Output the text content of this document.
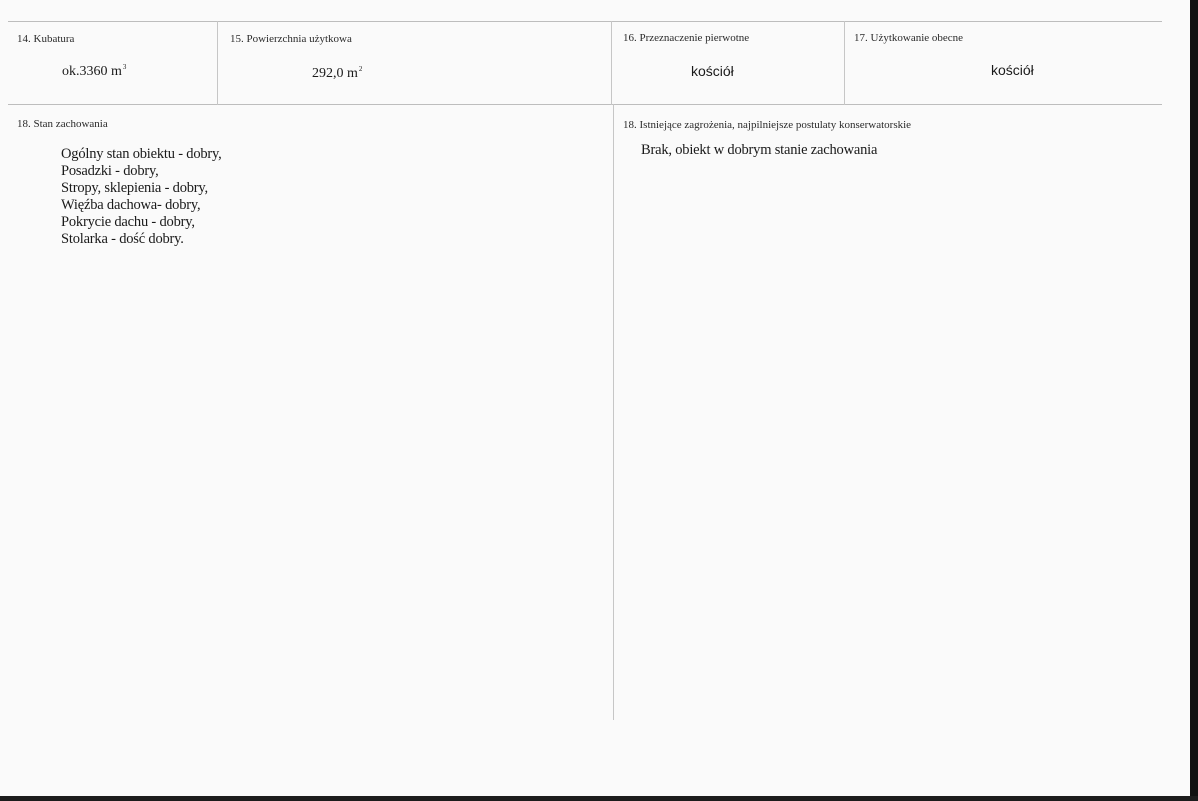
14. Kubatura
ok.3360 $m^3$
15. Powierzchnia użytkowa
292,0 $m^2$
16. Przeznaczenie pierwotne
kościół
17. Użytkowanie obecne
kościół
18. Stan zachowania
Ogólny stan obiektu - dobry,
Posadzki - dobry,
Stropy, sklepienia - dobry,
Więźba dachowa- dobry,
Pokrycie dachu - dobry,
Stolarka - dość dobry.
18. Istniejące zagrożenia, najpilniejsze postulaty konserwatorskie
Brak, obiekt w dobrym stanie zachowania
